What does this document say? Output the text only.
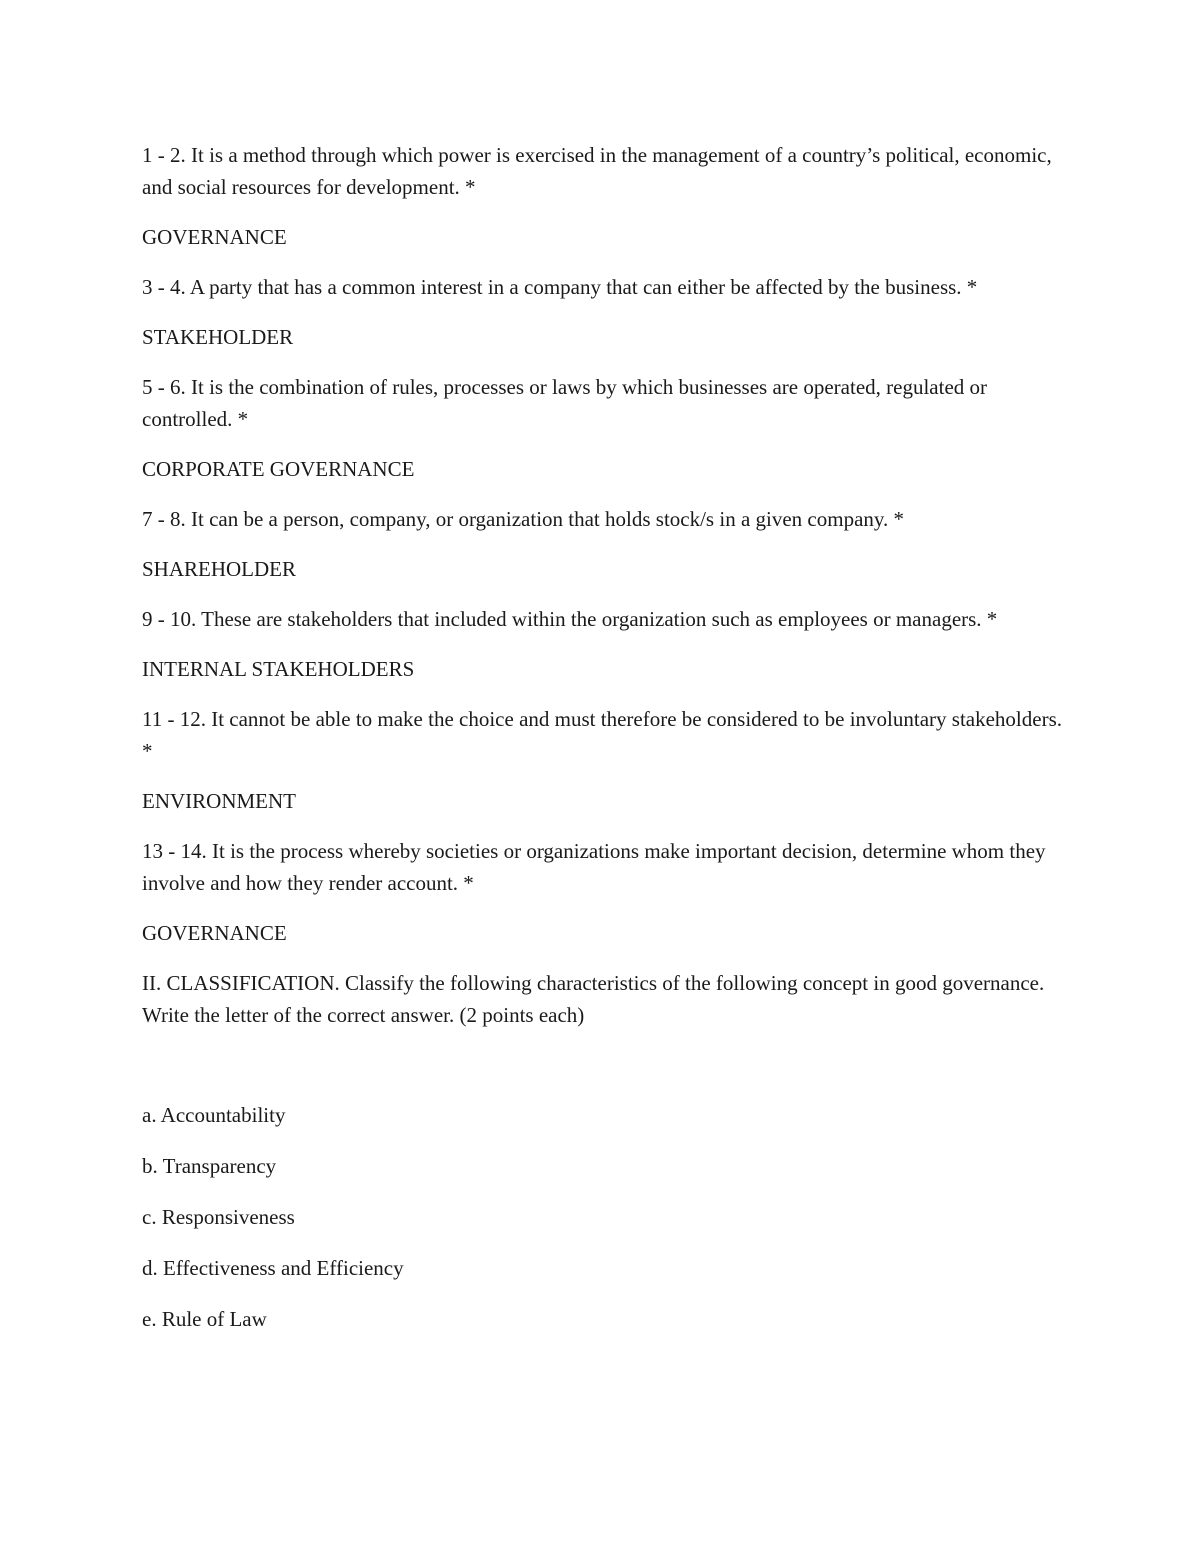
1 - 2. It is a method through which power is exercised in the management of a country’s political, economic, and social resources for development. *

GOVERNANCE

3 - 4. A party that has a common interest in a company that can either be affected by the business. *

STAKEHOLDER

5 - 6. It is the combination of rules, processes or laws by which businesses are operated, regulated or controlled. *

CORPORATE GOVERNANCE

7 - 8. It can be a person, company, or organization that holds stock/s in a given company. *

SHAREHOLDER

9 - 10. These are stakeholders that included within the organization such as employees or managers. *

INTERNAL STAKEHOLDERS

11 - 12. It cannot be able to make the choice and must therefore be considered to be involuntary stakeholders. *

ENVIRONMENT

13 - 14. It is the process whereby societies or organizations make important decision, determine whom they involve and how they render account. *

GOVERNANCE

II. CLASSIFICATION. Classify the following characteristics of the following concept in good governance. Write the letter of the correct answer. (2 points each)

a. Accountability

b. Transparency

c. Responsiveness

d. Effectiveness and Efficiency

e. Rule of Law
